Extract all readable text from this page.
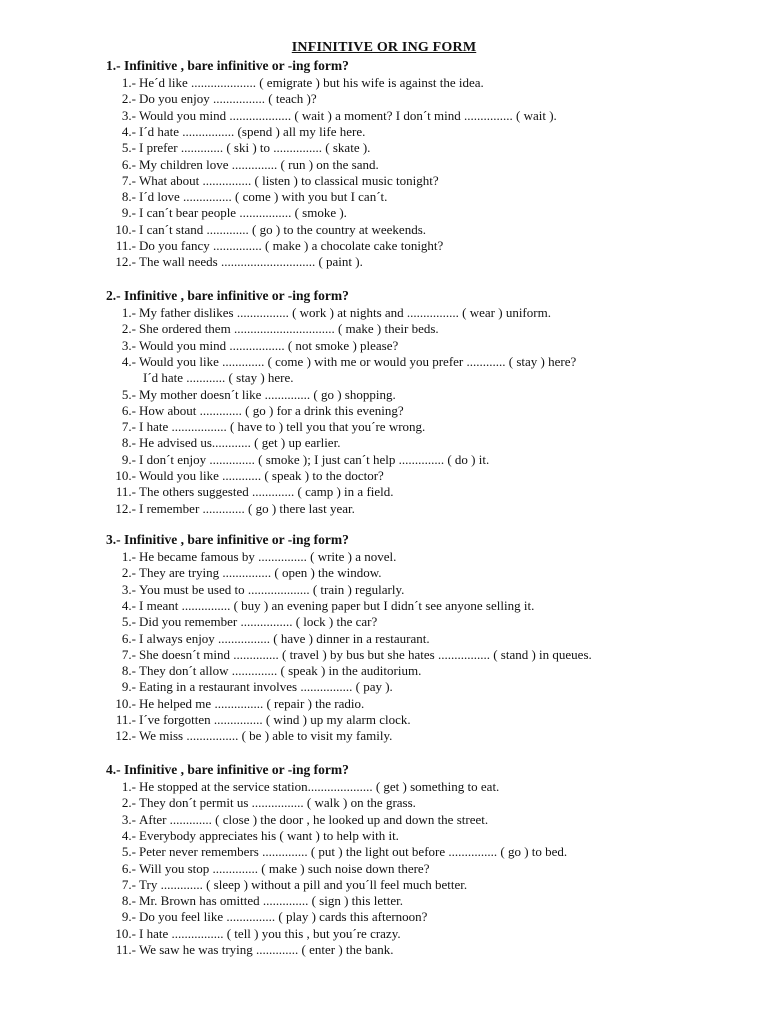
INFINITIVE OR ING FORM
1.- Infinitive , bare infinitive or -ing form?
1.- He´d like .................... ( emigrate ) but his wife is against the idea.
2.- Do you enjoy ................ ( teach )?
3.- Would you mind ................... ( wait ) a moment? I don´t mind ............... ( wait ).
4.- I´d hate ................ (spend ) all my life here.
5.- I prefer ............. ( ski ) to ............... ( skate ).
6.- My children love .............. ( run ) on the sand.
7.- What about ............... ( listen ) to classical music tonight?
8.- I´d love ............... ( come ) with you but I can´t.
9.- I can´t bear people ................ ( smoke ).
10.- I can´t stand ............. ( go ) to the country at weekends.
11.- Do you fancy ............... ( make ) a chocolate cake tonight?
12.- The wall needs ............................. ( paint ).
2.- Infinitive , bare infinitive or -ing form?
1.- My father dislikes ................ ( work ) at nights and ................ ( wear ) uniform.
2.- She ordered them ............................... ( make ) their beds.
3.- Would you mind ................. ( not smoke ) please?
4.- Would you like ............. ( come ) with me or would you prefer ............ ( stay ) here?
I´d hate ............ ( stay ) here.
5.- My mother doesn´t like .............. ( go ) shopping.
6.- How about ............. ( go ) for a drink this evening?
7.- I hate ................. ( have to ) tell you that you´re wrong.
8.- He advised us............ ( get ) up earlier.
9.- I don´t enjoy .............. ( smoke ); I just can´t help .............. ( do ) it.
10.- Would you like ............ ( speak ) to the doctor?
11.- The others suggested ............. ( camp ) in a field.
12.- I remember ............. ( go ) there last year.
3.- Infinitive , bare infinitive or -ing form?
1.- He became famous by ............... ( write ) a novel.
2.- They are trying ............... ( open ) the window.
3.- You must be used to ................... ( train ) regularly.
4.- I meant ............... ( buy ) an evening paper but I didn´t see anyone selling it.
5.- Did you remember ................ ( lock ) the car?
6.- I always enjoy ................ ( have ) dinner in a restaurant.
7.- She doesn´t mind .............. ( travel ) by bus but she hates ................ ( stand ) in queues.
8.- They don´t allow .............. ( speak ) in the auditorium.
9.- Eating in a restaurant involves ................ ( pay ).
10.- He helped me ............... ( repair ) the radio.
11.- I´ve forgotten ............... ( wind ) up my alarm clock.
12.- We miss ................ ( be ) able to visit my family.
4.- Infinitive , bare infinitive or -ing form?
1.- He stopped at the service station.................... ( get ) something to eat.
2.- They don´t permit us ................ ( walk ) on the grass.
3.- After ............. ( close ) the door , he looked up and down the street.
4.- Everybody appreciates his ( want ) to help with it.
5.- Peter never remembers .............. ( put ) the light out before ............... ( go ) to bed.
6.- Will you stop .............. ( make ) such noise down there?
7.- Try ............. ( sleep ) without a pill and you´ll feel much better.
8.- Mr. Brown has omitted .............. ( sign ) this letter.
9.- Do you feel like ............... ( play ) cards this afternoon?
10.- I hate ................ ( tell ) you this , but you´re crazy.
11.- We saw he was trying ............. ( enter ) the bank.
